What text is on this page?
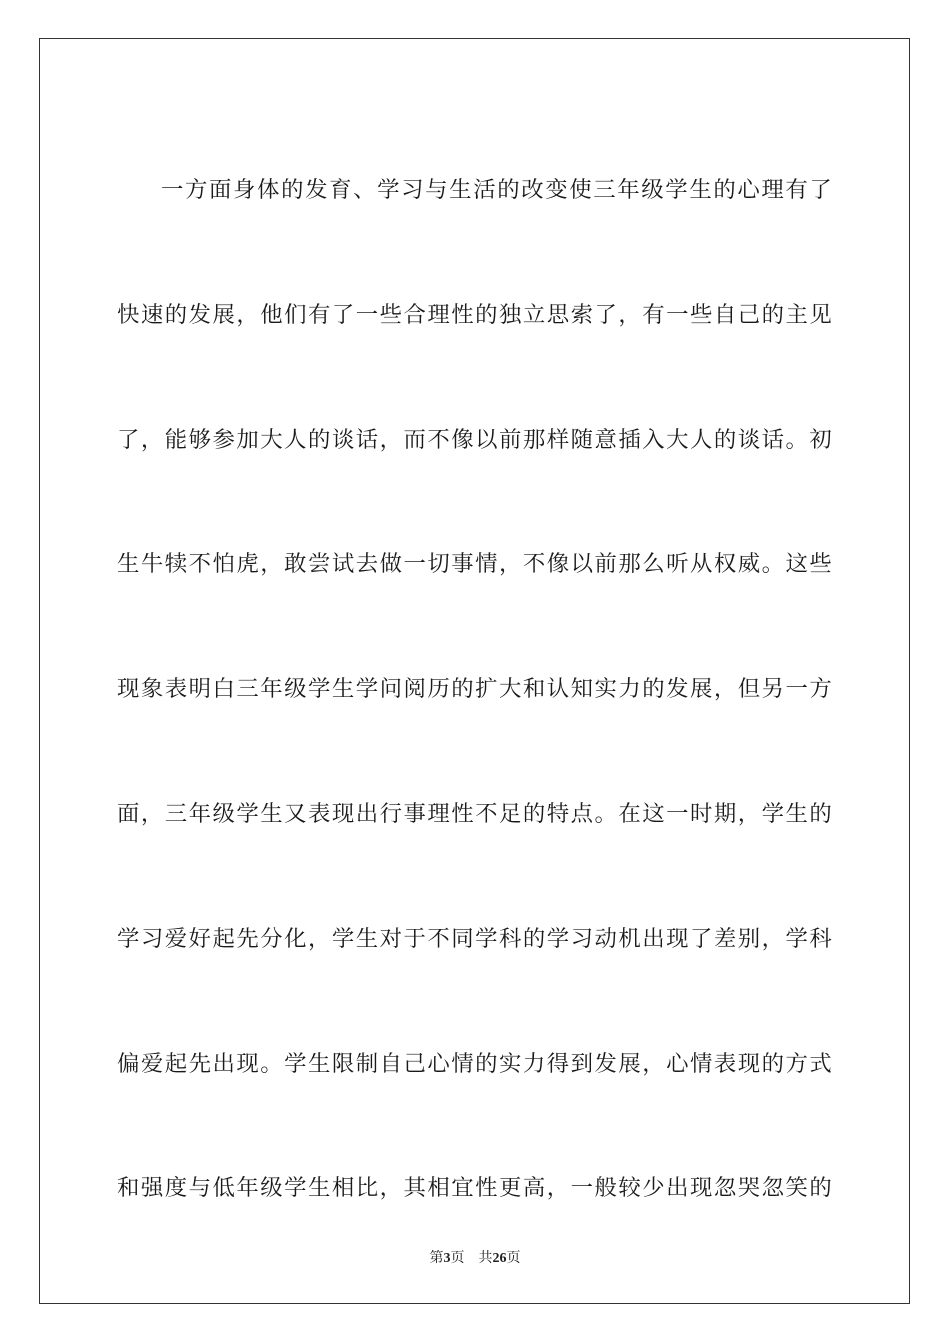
一方面身体的发育、学习与生活的改变使三年级学生的心理有了
快速的发展，他们有了一些合理性的独立思索了，有一些自己的主见
了，能够参加大人的谈话，而不像以前那样随意插入大人的谈话。初
生牛犊不怕虎，敢尝试去做一切事情，不像以前那么听从权威。这些
现象表明白三年级学生学问阅历的扩大和认知实力的发展，但另一方
面，三年级学生又表现出行事理性不足的特点。在这一时期，学生的
学习爱好起先分化，学生对于不同学科的学习动机出现了差别，学科
偏爱起先出现。学生限制自己心情的实力得到发展，心情表现的方式
和强度与低年级学生相比，其相宜性更高，一般较少出现忽哭忽笑的
第3页 共26页
